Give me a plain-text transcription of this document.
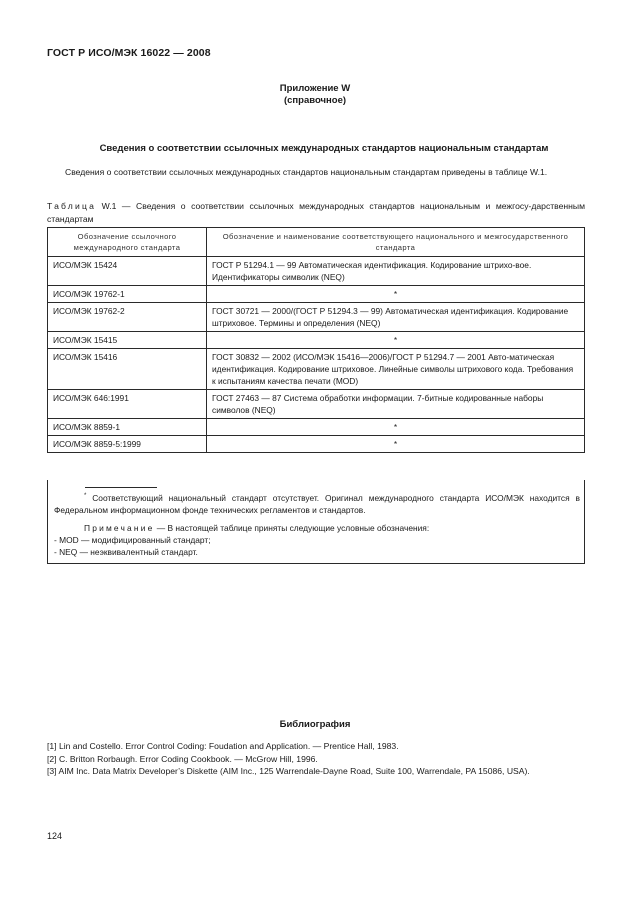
ГОСТ Р ИСО/МЭК 16022 — 2008
Приложение W
(справочное)
Сведения о соответствии ссылочных международных стандартов национальным стандартам

Сведения о соответствии ссылочных международных стандартов национальным стандартам приведены в таблице W.1.

Таблица W.1 — Сведения о соответствии ссылочных международных стандартов национальным и межгосу-дарственным стандартам

Обозначение ссылочного международного стандарта	Обозначение и наименование соответствующего национального и межгосударственного стандарта
ИСО/МЭК 15424	ГОСТ Р 51294.1 — 99 Автоматическая идентификация. Кодирование штрихо-вое. Идентификаторы символик (NEQ)
ИСО/МЭК 19762-1	*
ИСО/МЭК 19762-2	ГОСТ 30721 — 2000/(ГОСТ Р 51294.3 — 99) Автоматическая идентификация. Кодирование штриховое. Термины и определения (NEQ)
ИСО/МЭК 15415	*
ИСО/МЭК 15416	ГОСТ 30832 — 2002 (ИСО/МЭК 15416—2006)/ГОСТ Р 51294.7 — 2001 Авто-матическая идентификация. Кодирование штриховое. Линейные символы штрихового кода. Требования к испытаниям качества печати (MOD)
ИСО/МЭК 646:1991	ГОСТ 27463 — 87 Система обработки информации. 7-битные кодированные наборы символов (NEQ)
ИСО/МЭК 8859-1	*
ИСО/МЭК 8859-5:1999	*
* Соответствующий национальный стандарт отсутствует. Оригинал международного стандарта ИСО/МЭК находится в Федеральном информационном фонде технических регламентов и стандартов.
Примечание — В настоящей таблице приняты следующие условные обозначения:
- MOD — модифицированный стандарт;
- NEQ — неэквивалентный стандарт.
Библиография
[1] Lin and Costello. Error Control Coding: Foudation and Application. — Prentice Hall, 1983.
[2] C. Britton Rorbaugh. Error Coding Cookbook. — McGrow Hill, 1996.
[3] AIM Inc. Data Matrix Developer’s Diskette (AIM Inc., 125 Warrendale-Dayne Road, Suite 100, Warrendale, PA 15086, USA).
124
